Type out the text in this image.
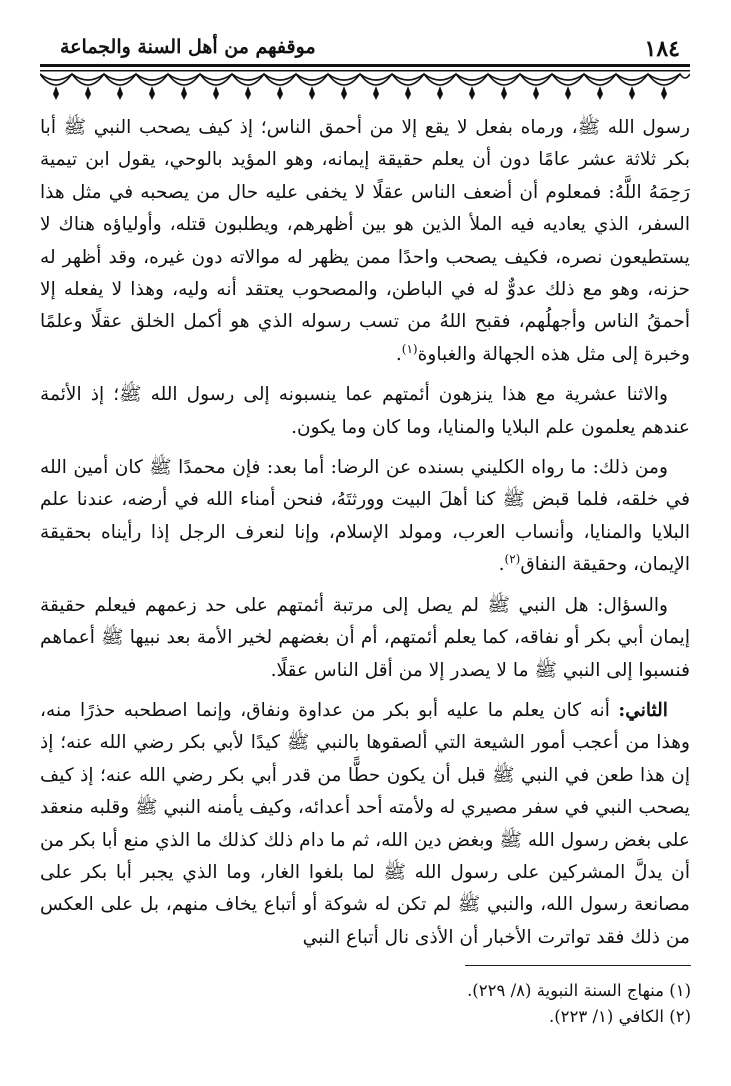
١٨٤
موقفهم من أهل السنة والجماعة

رسول الله ﷺ، ورماه بفعل لا يقع إلا من أحمق الناس؛ إذ كيف يصحب النبي ﷺ أبا بكر ثلاثة عشر عامًا دون أن يعلم حقيقة إيمانه، وهو المؤيد بالوحي، يقول ابن تيمية رَحِمَهُ اللَّهُ: فمعلوم أن أضعف الناس عقلًا لا يخفى عليه حال من يصحبه في مثل هذا السفر، الذي يعاديه فيه الملأ الذين هو بين أظهرهم، ويطلبون قتله، وأولياؤه هناك لا يستطيعون نصره، فكيف يصحب واحدًا ممن يظهر له موالاته دون غيره، وقد أظهر له حزنه، وهو مع ذلك عدوٌّ له في الباطن، والمصحوب يعتقد أنه وليه، وهذا لا يفعله إلا أحمقُ الناس وأجهلُهم، فقبح اللهُ من تسب رسوله الذي هو أكمل الخلق عقلًا وعلمًا وخبرة إلى مثل هذه الجهالة والغباوة$^{(١)}$.

والاثنا عشرية مع هذا ينزهون أئمتهم عما ينسبونه إلى رسول الله ﷺ؛ إذ الأئمة عندهم يعلمون علم البلايا والمنايا، وما كان وما يكون.

ومن ذلك: ما رواه الكليني بسنده عن الرضا: أما بعد: فإن محمدًا ﷺ كان أمين الله في خلقه، فلما قبض ﷺ كنا أهلَ البيت وورثتَهُ، فنحن أمناء الله في أرضه، عندنا علم البلايا والمنايا، وأنساب العرب، ومولد الإسلام، وإنا لنعرف الرجل إذا رأيناه بحقيقة الإيمان، وحقيقة النفاق$^{(٢)}$.

والسؤال: هل النبي ﷺ لم يصل إلى مرتبة أئمتهم على حد زعمهم فيعلم حقيقة إيمان أبي بكر أو نفاقه، كما يعلم أئمتهم، أم أن بغضهم لخير الأمة بعد نبيها ﷺ أعماهم فنسبوا إلى النبي ﷺ ما لا يصدر إلا من أقل الناس عقلًا.

الثاني: أنه كان يعلم ما عليه أبو بكر من عداوة ونفاق، وإنما اصطحبه حذرًا منه، وهذا من أعجب أمور الشيعة التي ألصقوها بالنبي ﷺ كيدًا لأبي بكر رضي الله عنه؛ إذ إن هذا طعن في النبي ﷺ قبل أن يكون حطًّا من قدر أبي بكر رضي الله عنه؛ إذ كيف يصحب النبي في سفر مصيري له ولأمته أحد أعدائه، وكيف يأمنه النبي ﷺ وقلبه منعقد على بغض رسول الله ﷺ وبغض دين الله، ثم ما دام ذلك كذلك ما الذي منع أبا بكر من أن يدلَّ المشركين على رسول الله ﷺ لما بلغوا الغار، وما الذي يجبر أبا بكر على مصانعة رسول الله، والنبي ﷺ لم تكن له شوكة أو أتباع يخاف منهم، بل على العكس من ذلك فقد تواترت الأخبار أن الأذى نال أتباع النبي

(١) منهاج السنة النبوية (٨/ ٢٢٩).
(٢) الكافي (١/ ٢٢٣).
